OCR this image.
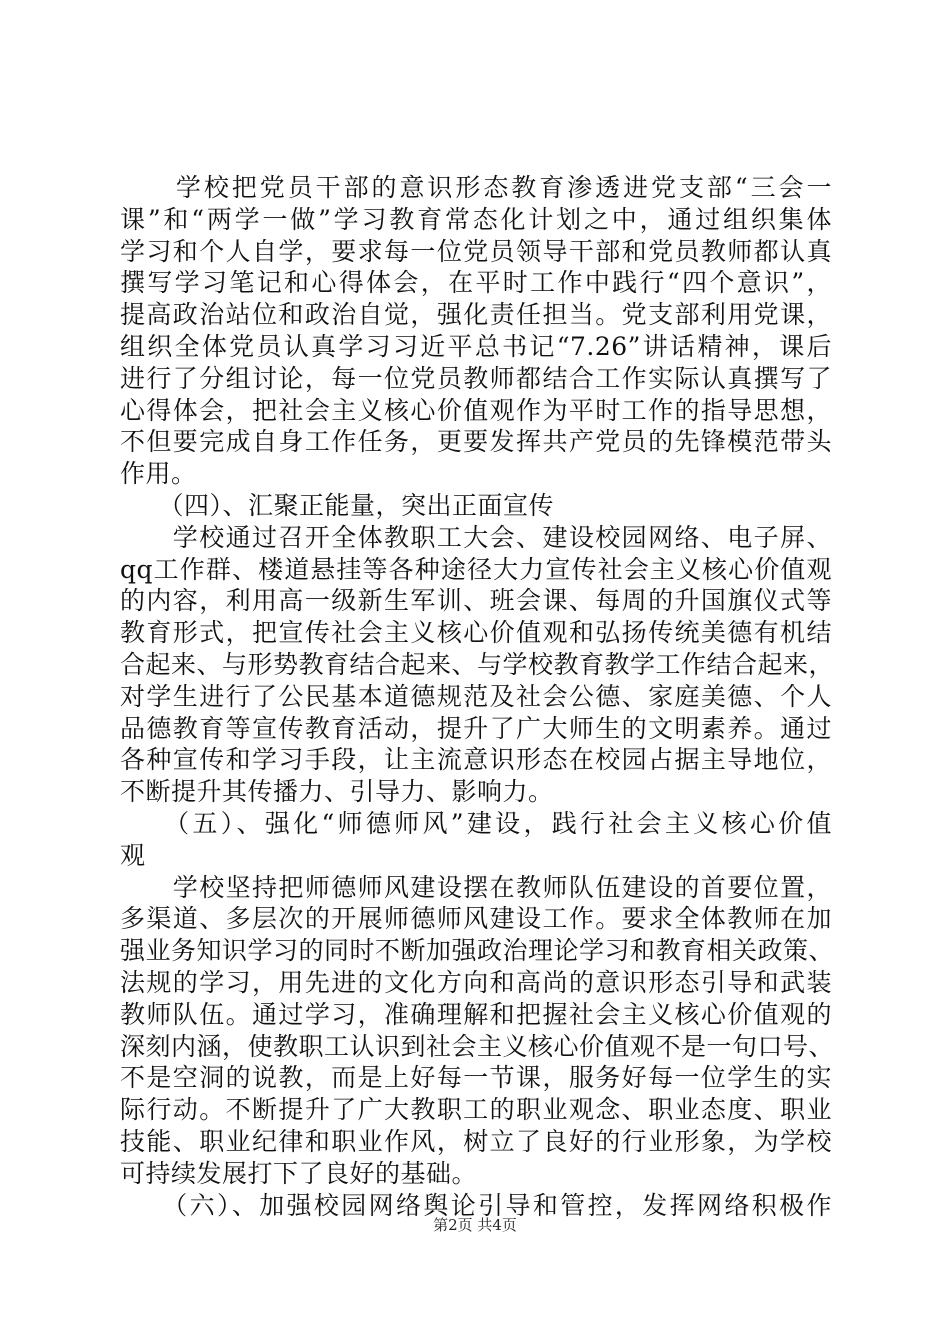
　　学校把党员干部的意识形态教育渗透进党支部“三会一
课”和“两学一做”学习教育常态化计划之中，通过组织集体
学习和个人自学，要求每一位党员领导干部和党员教师都认真
撰写学习笔记和心得体会，在平时工作中践行“四个意识”，
提高政治站位和政治自觉，强化责任担当。党支部利用党课，
组织全体党员认真学习习近平总书记“7.26”讲话精神，课后
进行了分组讨论，每一位党员教师都结合工作实际认真撰写了
心得体会，把社会主义核心价值观作为平时工作的指导思想，
不但要完成自身工作任务，更要发挥共产党员的先锋模范带头
作用。
　　（四）、汇聚正能量，突出正面宣传
　　学校通过召开全体教职工大会、建设校园网络、电子屏、
qq工作群、楼道悬挂等各种途径大力宣传社会主义核心价值观
的内容，利用高一级新生军训、班会课、每周的升国旗仪式等
教育形式，把宣传社会主义核心价值观和弘扬传统美德有机结
合起来、与形势教育结合起来、与学校教育教学工作结合起来，
对学生进行了公民基本道德规范及社会公德、家庭美德、个人
品德教育等宣传教育活动，提升了广大师生的文明素养。通过
各种宣传和学习手段，让主流意识形态在校园占据主导地位，
不断提升其传播力、引导力、影响力。
　　（五）、强化“师德师风”建设，践行社会主义核心价值
观
　　学校坚持把师德师风建设摆在教师队伍建设的首要位置，
多渠道、多层次的开展师德师风建设工作。要求全体教师在加
强业务知识学习的同时不断加强政治理论学习和教育相关政策、
法规的学习，用先进的文化方向和高尚的意识形态引导和武装
教师队伍。通过学习，准确理解和把握社会主义核心价值观的
深刻内涵，使教职工认识到社会主义核心价值观不是一句口号、
不是空洞的说教，而是上好每一节课，服务好每一位学生的实
际行动。不断提升了广大教职工的职业观念、职业态度、职业
技能、职业纪律和职业作风，树立了良好的行业形象，为学校
可持续发展打下了良好的基础。
　　（六）、加强校园网络舆论引导和管控，发挥网络积极作
第2页 共4页
